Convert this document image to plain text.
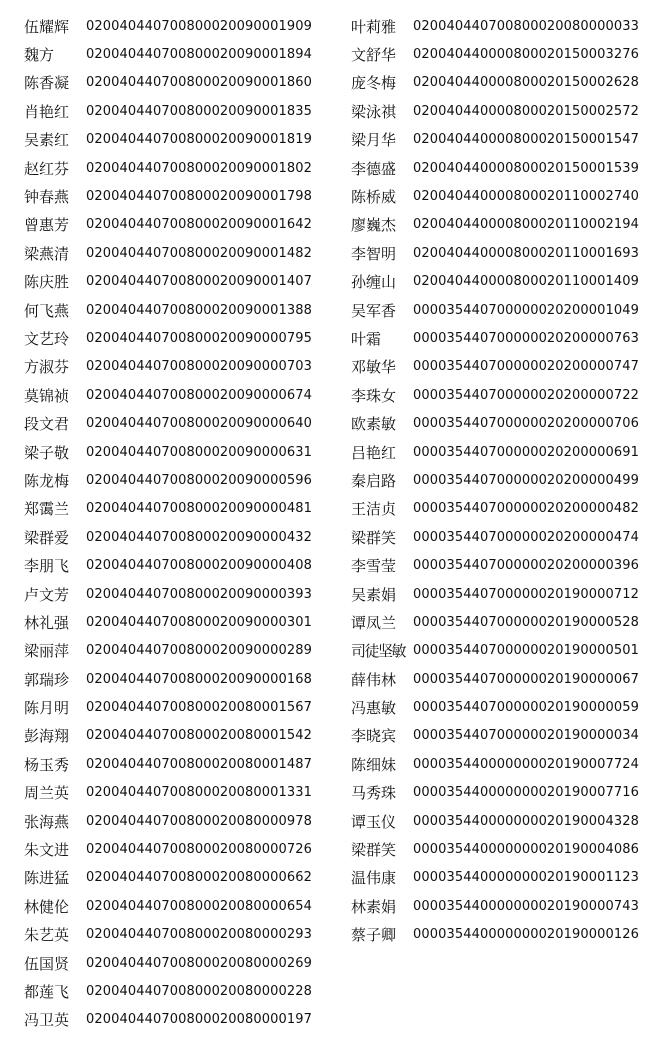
伍耀辉	020040440700800020090001909
魏方	020040440700800020090001894
陈香凝	020040440700800020090001860
肖艳红	020040440700800020090001835
吴素红	020040440700800020090001819
赵红芬	020040440700800020090001802
钟春燕	020040440700800020090001798
曾惠芳	020040440700800020090001642
梁燕清	020040440700800020090001482
陈庆胜	020040440700800020090001407
何飞燕	020040440700800020090001388
文艺玲	020040440700800020090000795
方淑芬	020040440700800020090000703
莫锦祯	020040440700800020090000674
段文君	020040440700800020090000640
梁子敬	020040440700800020090000631
陈龙梅	020040440700800020090000596
郑霭兰	020040440700800020090000481
梁群爱	020040440700800020090000432
李朋飞	020040440700800020090000408
卢文芳	020040440700800020090000393
林礼强	020040440700800020090000301
梁丽萍	020040440700800020090000289
郭瑞珍	020040440700800020090000168
陈月明	020040440700800020080001567
彭海翔	020040440700800020080001542
杨玉秀	020040440700800020080001487
周兰英	020040440700800020080001331
张海燕	020040440700800020080000978
朱文进	020040440700800020080000726
陈进猛	020040440700800020080000662
林健伦	020040440700800020080000654
朱艺英	020040440700800020080000293
伍国贤	020040440700800020080000269
都莲飞	020040440700800020080000228
冯卫英	020040440700800020080000197
叶莉雅	020040440700800020080000033
文舒华	020040440000800020150003276
庞冬梅	020040440000800020150002628
梁泳祺	020040440000800020150002572
梁月华	020040440000800020150001547
李德盛	020040440000800020150001539
陈桥威	020040440000800020110002740
廖巍杰	020040440000800020110002194
李智明	020040440000800020110001693
孙缠山	020040440000800020110001409
吴军香	000035440700000020200001049
叶霜	000035440700000020200000763
邓敏华	000035440700000020200000747
李珠女	000035440700000020200000722
欧素敏	000035440700000020200000706
吕艳红	000035440700000020200000691
秦启路	000035440700000020200000499
王洁贞	000035440700000020200000482
梁群笑	000035440700000020200000474
李雪莹	000035440700000020200000396
吴素娟	000035440700000020190000712
谭凤兰	000035440700000020190000528
司徒坚敏 000035440700000020190000501
薛伟林	000035440700000020190000067
冯惠敏	000035440700000020190000059
李晓宾	000035440700000020190000034
陈细妹	000035440000000020190007724
马秀珠	000035440000000020190007716
谭玉仪	000035440000000020190004328
梁群笑	000035440000000020190004086
温伟康	000035440000000020190001123
林素娟	000035440000000020190000743
蔡子卿	000035440000000020190000126
